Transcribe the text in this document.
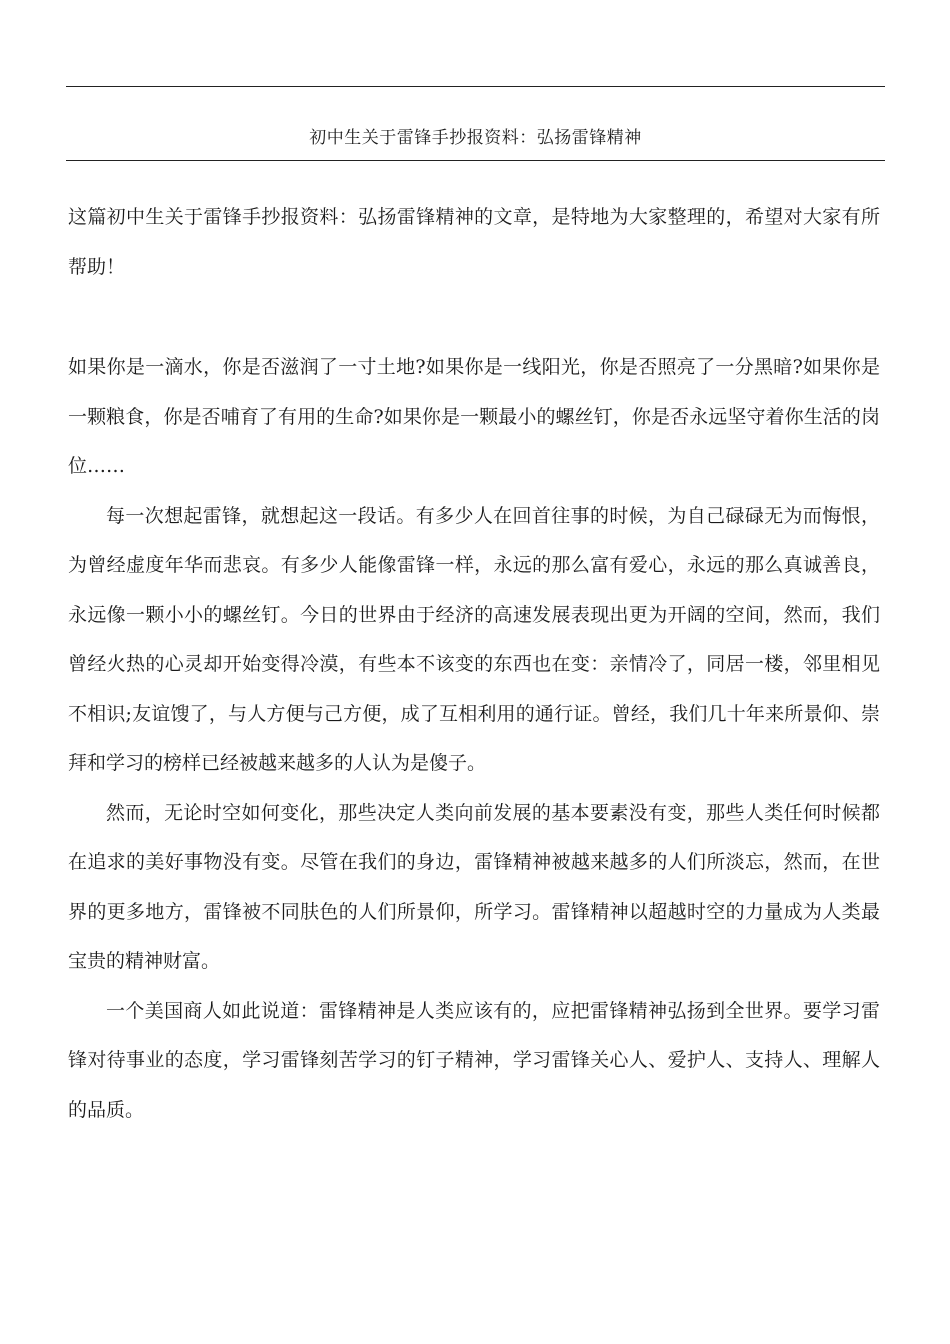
初中生关于雷锋手抄报资料：弘扬雷锋精神

这篇初中生关于雷锋手抄报资料：弘扬雷锋精神的文章，是特地为大家整理的，希望对大家有所帮助！

如果你是一滴水，你是否滋润了一寸土地?如果你是一线阳光，你是否照亮了一分黑暗?如果你是一颗粮食，你是否哺育了有用的生命?如果你是一颗最小的螺丝钉，你是否永远坚守着你生活的岗位……

每一次想起雷锋，就想起这一段话。有多少人在回首往事的时候，为自己碌碌无为而悔恨，为曾经虚度年华而悲哀。有多少人能像雷锋一样，永远的那么富有爱心，永远的那么真诚善良，永远像一颗小小的螺丝钉。今日的世界由于经济的高速发展表现出更为开阔的空间，然而，我们曾经火热的心灵却开始变得冷漠，有些本不该变的东西也在变：亲情冷了，同居一楼，邻里相见不相识;友谊馊了，与人方便与己方便，成了互相利用的通行证。曾经，我们几十年来所景仰、崇拜和学习的榜样已经被越来越多的人认为是傻子。

然而，无论时空如何变化，那些决定人类向前发展的基本要素没有变，那些人类任何时候都在追求的美好事物没有变。尽管在我们的身边，雷锋精神被越来越多的人们所淡忘，然而，在世界的更多地方，雷锋被不同肤色的人们所景仰，所学习。雷锋精神以超越时空的力量成为人类最宝贵的精神财富。

一个美国商人如此说道：雷锋精神是人类应该有的，应把雷锋精神弘扬到全世界。要学习雷锋对待事业的态度，学习雷锋刻苦学习的钉子精神，学习雷锋关心人、爱护人、支持人、理解人的品质。
